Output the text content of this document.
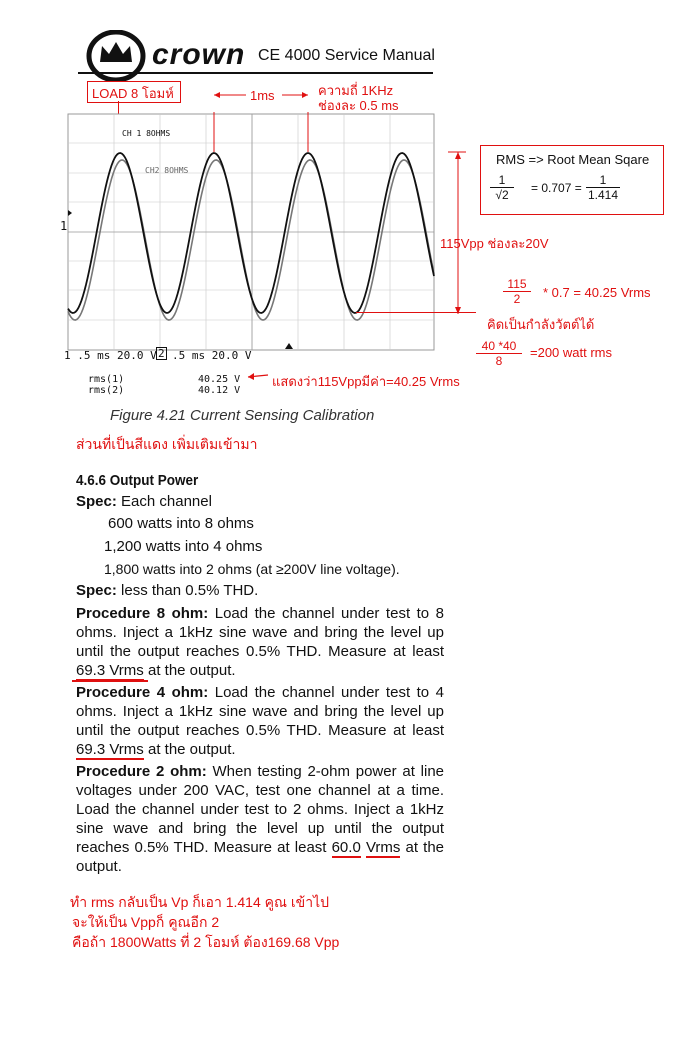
crown CE 4000 Service Manual
LOAD 8 โอมห์	1ms	ความถี่ 1KHz
ช่องละ 0.5 ms
CH 1 8OHMS
CH2 8OHMS
1
115Vpp ช่องละ20V
RMS => Root Mean Sqare
$\frac{1}{√2} = 0.707 = \frac{1}{1.414}$
$\frac{115}{2} * 0.7 = 40.25$ Vrms
คิดเป็นกำลังวัตต์ได้
$\frac{40 *40}{8} =200$ watt rms
1 .5 ms 20.0 V 2 .5 ms 20.0 V
rms(1)	40.25 V
rms(2)	40.12 V
แสดงว่า115Vppมีค่า=40.25 Vrms
Figure 4.21 Current Sensing Calibration
ส่วนที่เป็นสีแดง เพิ่มเติมเข้ามา
4.6.6 Output Power
Spec: Each channel
600 watts into 8 ohms
1,200 watts into 4 ohms
1,800 watts into 2 ohms (at ≥200V line voltage).
Spec: less than 0.5% THD.
Procedure 8 ohm: Load the channel under test to 8 ohms. Inject a 1kHz sine wave and bring the level up until the output reaches 0.5% THD. Measure at least 69.3 Vrms at the output.
Procedure 4 ohm: Load the channel under test to 4 ohms. Inject a 1kHz sine wave and bring the level up until the output reaches 0.5% THD. Measure at least 69.3 Vrms at the output.
Procedure 2 ohm: When testing 2-ohm power at line voltages under 200 VAC, test one channel at a time. Load the channel under test to 2 ohms. Inject a 1kHz sine wave and bring the level up until the output reaches 0.5% THD. Measure at least 60.0 Vrms at the output.
ทำ rms กลับเป็น Vp ก็เอา 1.414 คูณ เข้าไป
จะให้เป็น Vppก็ คูณอีก 2
คือถ้า 1800Watts ที่ 2 โอมห์ ต้อง169.68 Vpp
